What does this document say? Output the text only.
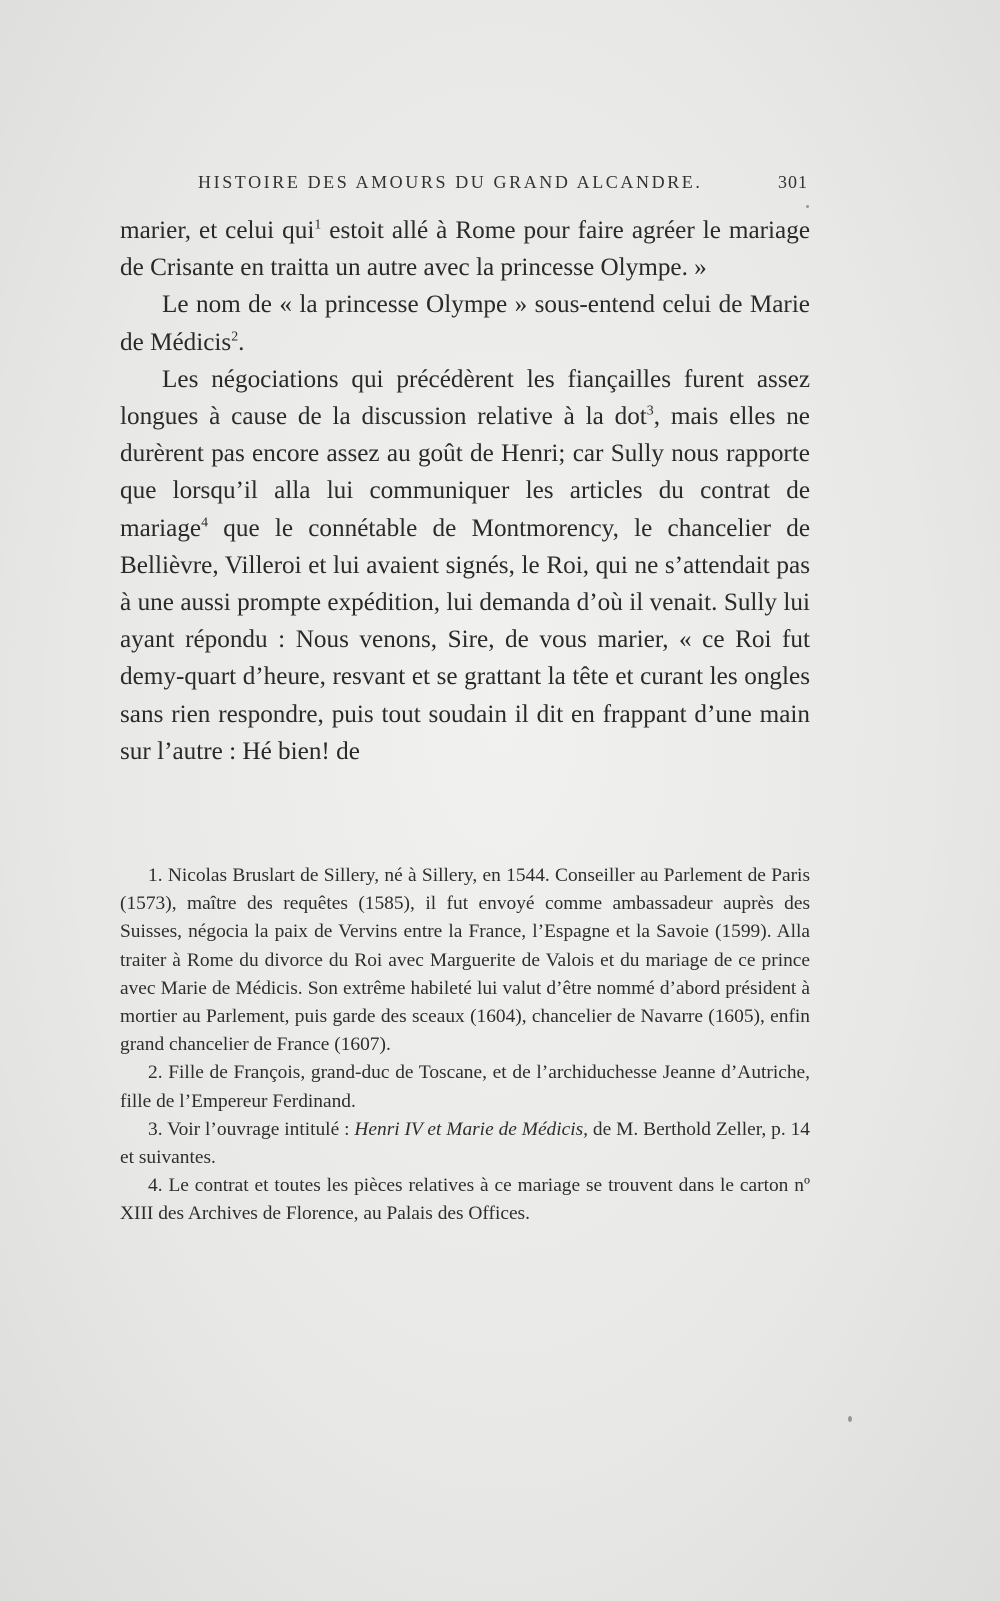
HISTOIRE DES AMOURS DU GRAND ALCANDRE.	301

marier, et celui qui$^1$ estoit allé à Rome pour faire agréer le mariage de Crisante en traitta un autre avec la princesse Olympe. »

Le nom de « la princesse Olympe » sous-entend celui de Marie de Médicis$^2$.

Les négociations qui précédèrent les fiançailles furent assez longues à cause de la discussion relative à la dot$^3$, mais elles ne durèrent pas encore assez au goût de Henri; car Sully nous rapporte que lorsqu’il alla lui communiquer les articles du contrat de mariage$^4$ que le connétable de Montmorency, le chancelier de Bellièvre, Villeroi et lui avaient signés, le Roi, qui ne s’attendait pas à une aussi prompte expédition, lui demanda d’où il venait. Sully lui ayant répondu : Nous venons, Sire, de vous marier, « ce Roi fut demy-quart d’heure, resvant et se grattant la tête et curant les ongles sans rien respondre, puis tout soudain il dit en frappant d’une main sur l’autre : Hé bien! de

1. Nicolas Bruslart de Sillery, né à Sillery, en 1544. Conseiller au Parlement de Paris (1573), maître des requêtes (1585), il fut envoyé comme ambassadeur auprès des Suisses, négocia la paix de Vervins entre la France, l’Espagne et la Savoie (1599). Alla traiter à Rome du divorce du Roi avec Marguerite de Valois et du mariage de ce prince avec Marie de Médicis. Son extrême habileté lui valut d’être nommé d’abord président à mortier au Parlement, puis garde des sceaux (1604), chancelier de Navarre (1605), enfin grand chancelier de France (1607).

2. Fille de François, grand-duc de Toscane, et de l’archiduchesse Jeanne d’Autriche, fille de l’Empereur Ferdinand.

3. Voir l’ouvrage intitulé : Henri IV et Marie de Médicis, de M. Berthold Zeller, p. 14 et suivantes.

4. Le contrat et toutes les pièces relatives à ce mariage se trouvent dans le carton nº XIII des Archives de Florence, au Palais des Offices.
